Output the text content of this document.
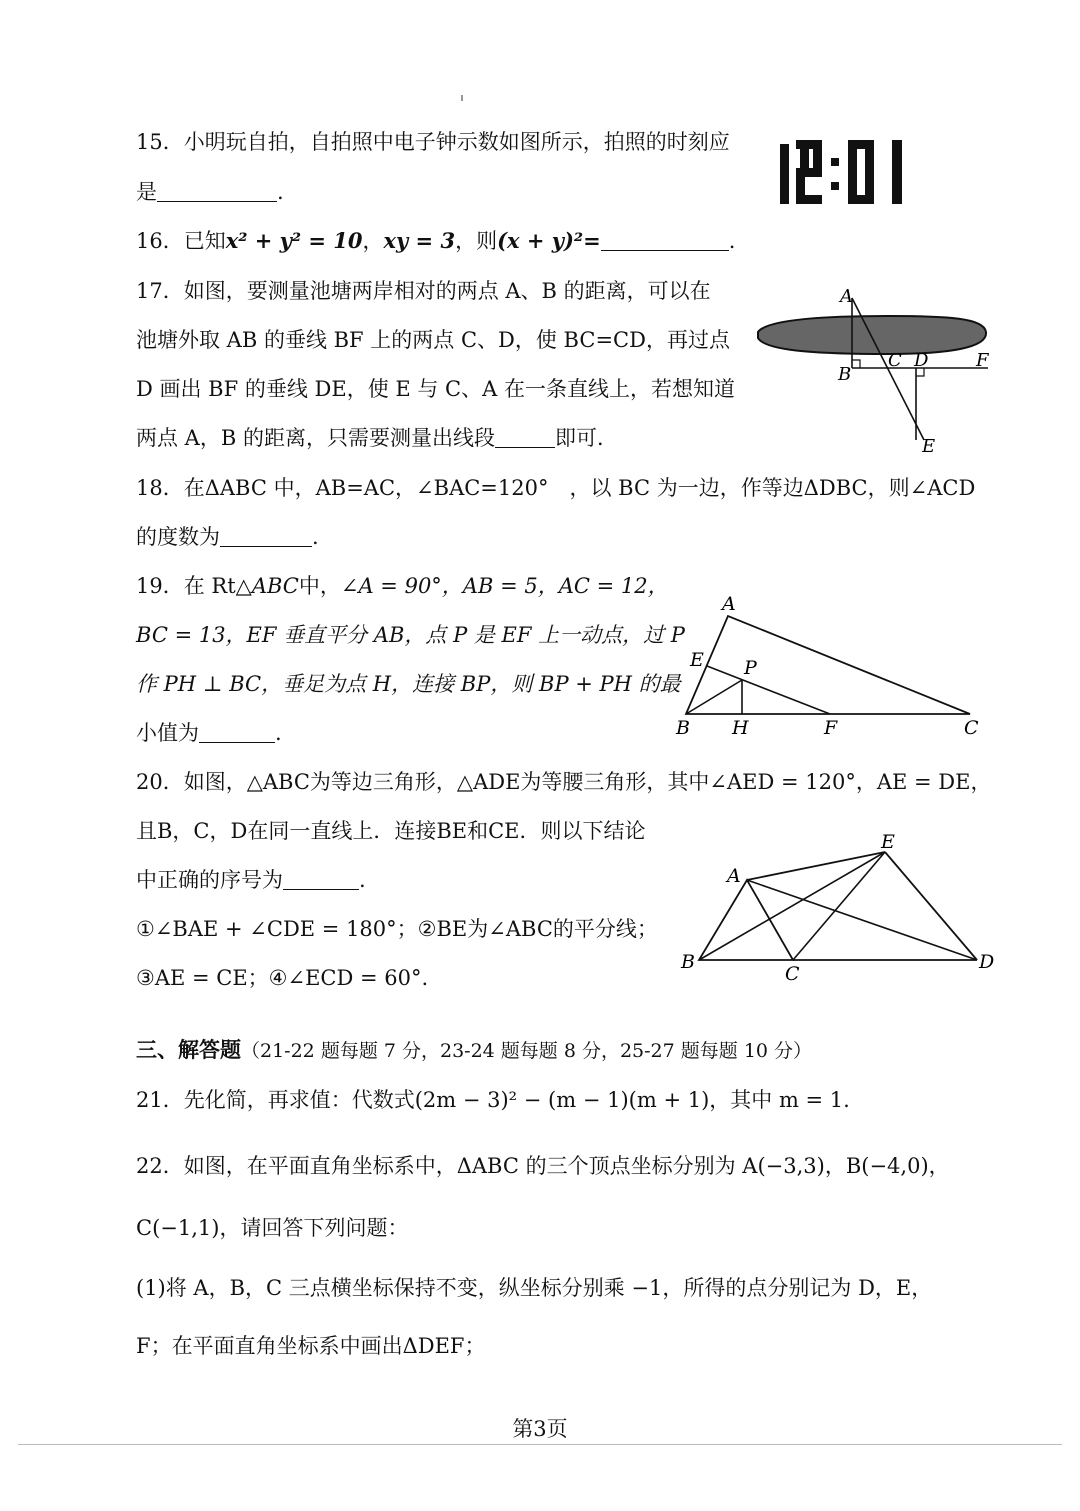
15．小明玩自拍，自拍照中电子钟示数如图所示，拍照的时刻应
是	.
12:01
16．已知x² + y² = 10，xy = 3，则(x + y)²=	.
17．如图，要测量池塘两岸相对的两点 A、B 的距离，可以在
池塘外取 AB 的垂线 BF 上的两点 C、D，使 BC=CD，再过点
D 画出 BF 的垂线 DE，使 E 与 C、A 在一条直线上，若想知道
两点 A，B 的距离，只需要测量出线段	即可．
A
B
C D
E
F
18．在ΔABC 中，AB=AC，∠BAC=120°　，以 BC 为一边，作等边ΔDBC，则∠ACD
的度数为	.
19．在 Rt△ABC中，∠A = 90°，AB = 5，AC = 12，
BC = 13，EF 垂直平分 AB，点 P 是 EF 上一动点，过 P
作 PH ⊥ BC，垂足为点 H，连接 BP，则 BP + PH 的最
小值为	.
A
B	C
E
F
H
P
20．如图，△ABC为等边三角形，△ADE为等腰三角形，其中∠AED = 120°，AE = DE，
且B，C，D在同一直线上．连接BE和CE．则以下结论
中正确的序号为	.
①∠BAE + ∠CDE = 180°；②BE为∠ABC的平分线；
③AE = CE；④∠ECD = 60°.
A
B
C
D
E
三、解答题（21-22 题每题 7 分，23-24 题每题 8 分，25-27 题每题 10 分）
21．先化简，再求值：代数式(2m − 3)² − (m − 1)(m + 1)，其中 m = 1.
22．如图，在平面直角坐标系中，ΔABC 的三个顶点坐标分别为 A(−3,3)，B(−4,0)，
C(−1,1)，请回答下列问题：
(1)将 A，B，C 三点横坐标保持不变，纵坐标分别乘 −1，所得的点分别记为 D，E，
F；在平面直角坐标系中画出ΔDEF；
第3页
